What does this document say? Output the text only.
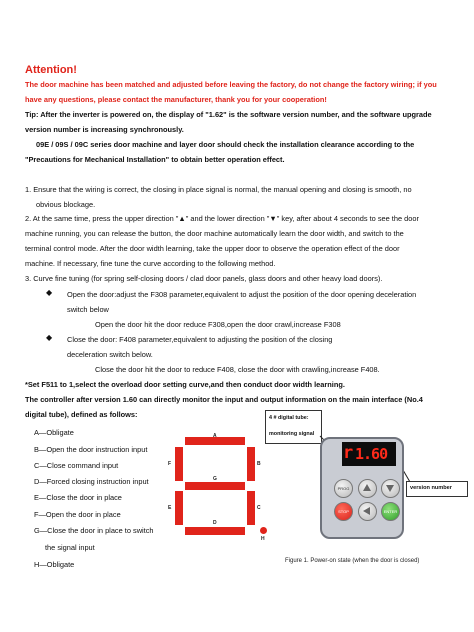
Attention!
The door machine has been matched and adjusted before leaving the factory, do not change the factory wiring; if you
have any questions, please contact the manufacturer, thank you for your cooperation!
Tip: After the inverter is powered on, the display of "1.62" is the software version number, and the software upgrade
version number is increasing synchronously.
09E / 09S / 09C series door machine and layer door should check the installation clearance according to the
"Precautions for Mechanical Installation" to obtain better operation effect.
1. Ensure that the wiring is correct, the closing in place signal is normal, the manual opening and closing is smooth, no
obvious blockage.
2. At the same time, press the upper direction "▲" and the lower direction "▼" key, after about 4 seconds to see the door
machine running, you can release the button, the door machine automatically learn the door width, and switch to the
terminal control mode. After the door width learning, take the upper door to observe the operation effect of the door
machine. If necessary, fine tune the curve according to the following method.
3. Curve fine tuning (for spring self-closing doors / clad door panels, glass doors and other heavy load doors).
◆ Open the door:adjust the F308 parameter,equivalent to adjust the position of the door opening deceleration
switch below
Open the door hit the door reduce F308,open the door crawl,increase F308
◆ Close the door: F408 parameter,equivalent to adjusting the position of the closing
deceleration switch below.
Close the door hit the door to reduce F408, close the door with crawling,increase F408.
*Set F511 to 1,select the overload door setting curve,and then conduct door width learning.
The controller after version 1.60 can directly monitor the input and output information on the main interface (No.4
digital tube), defined as follows:
A—Obligate
B—Open the door instruction input
C—Close command input
D—Forced closing instruction input
E—Close the door in place
F—Open the door in place
G—Close the door in place to switch
the signal input
H—Obligate
A
B
C
D
E
F
G
H
4 # digital tube:
monitoring signal
r 1.60
PROG
STOP	ENTER
version number
Figure 1. Power-on state (when the door is closed)
